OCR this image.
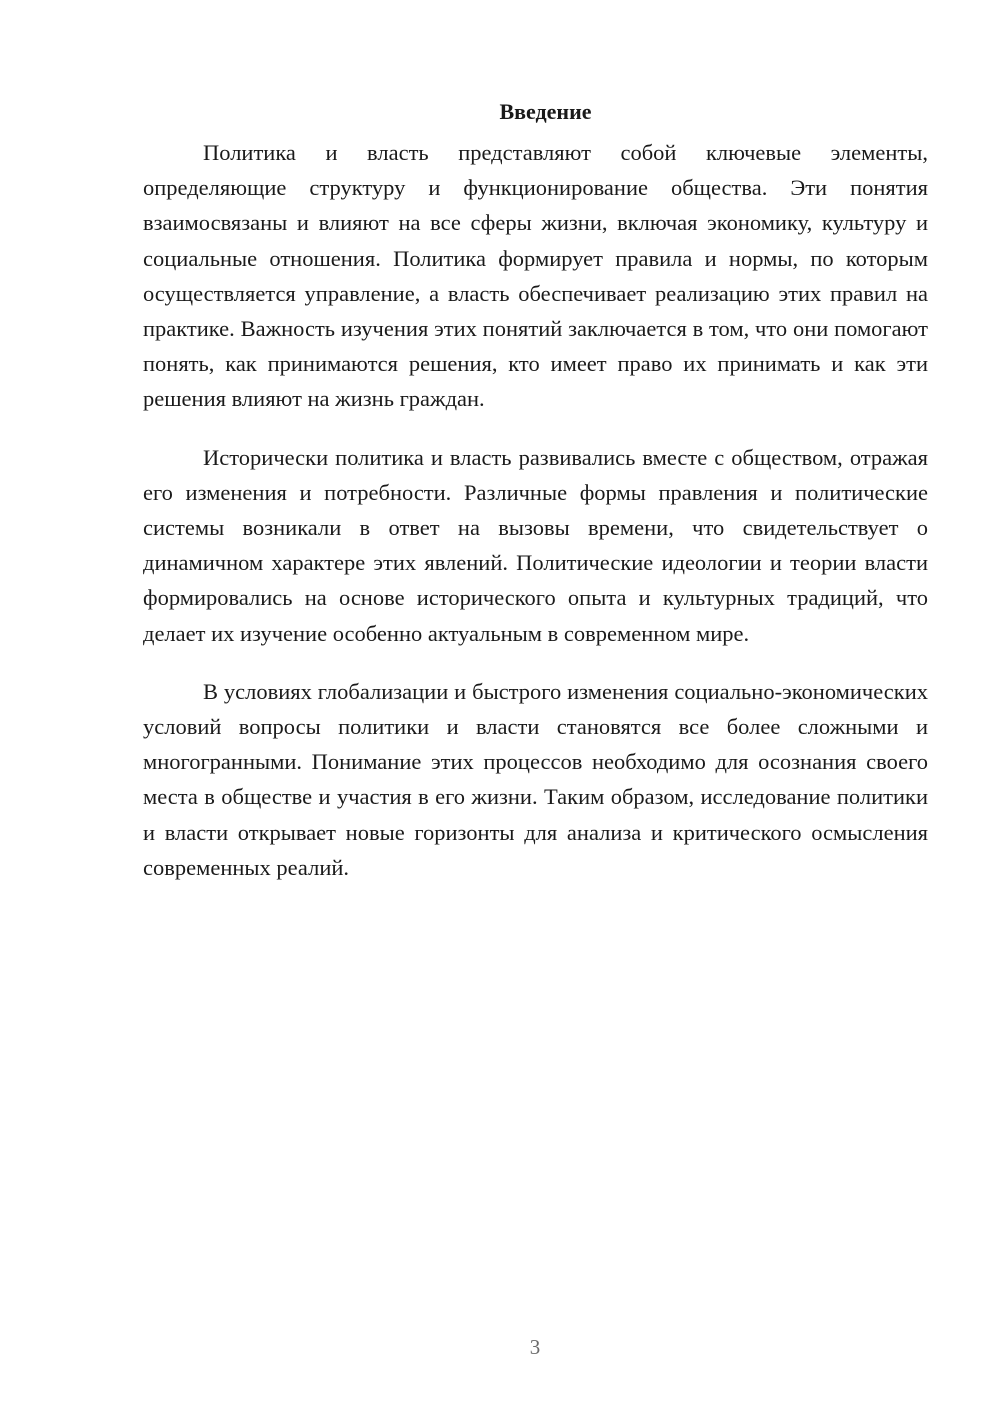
Введение

Политика и власть представляют собой ключевые элементы, определяющие структуру и функционирование общества. Эти понятия взаимосвязаны и влияют на все сферы жизни, включая экономику, культуру и социальные отношения. Политика формирует правила и нормы, по которым осуществляется управление, а власть обеспечивает реализацию этих правил на практике. Важность изучения этих понятий заключается в том, что они помогают понять, как принимаются решения, кто имеет право их принимать и как эти решения влияют на жизнь граждан.

Исторически политика и власть развивались вместе с обществом, отражая его изменения и потребности. Различные формы правления и политические системы возникали в ответ на вызовы времени, что свидетельствует о динамичном характере этих явлений. Политические идеологии и теории власти формировались на основе исторического опыта и культурных традиций, что делает их изучение особенно актуальным в современном мире.

В условиях глобализации и быстрого изменения социально-экономических условий вопросы политики и власти становятся все более сложными и многогранными. Понимание этих процессов необходимо для осознания своего места в обществе и участия в его жизни. Таким образом, исследование политики и власти открывает новые горизонты для анализа и критического осмысления современных реалий.

3
